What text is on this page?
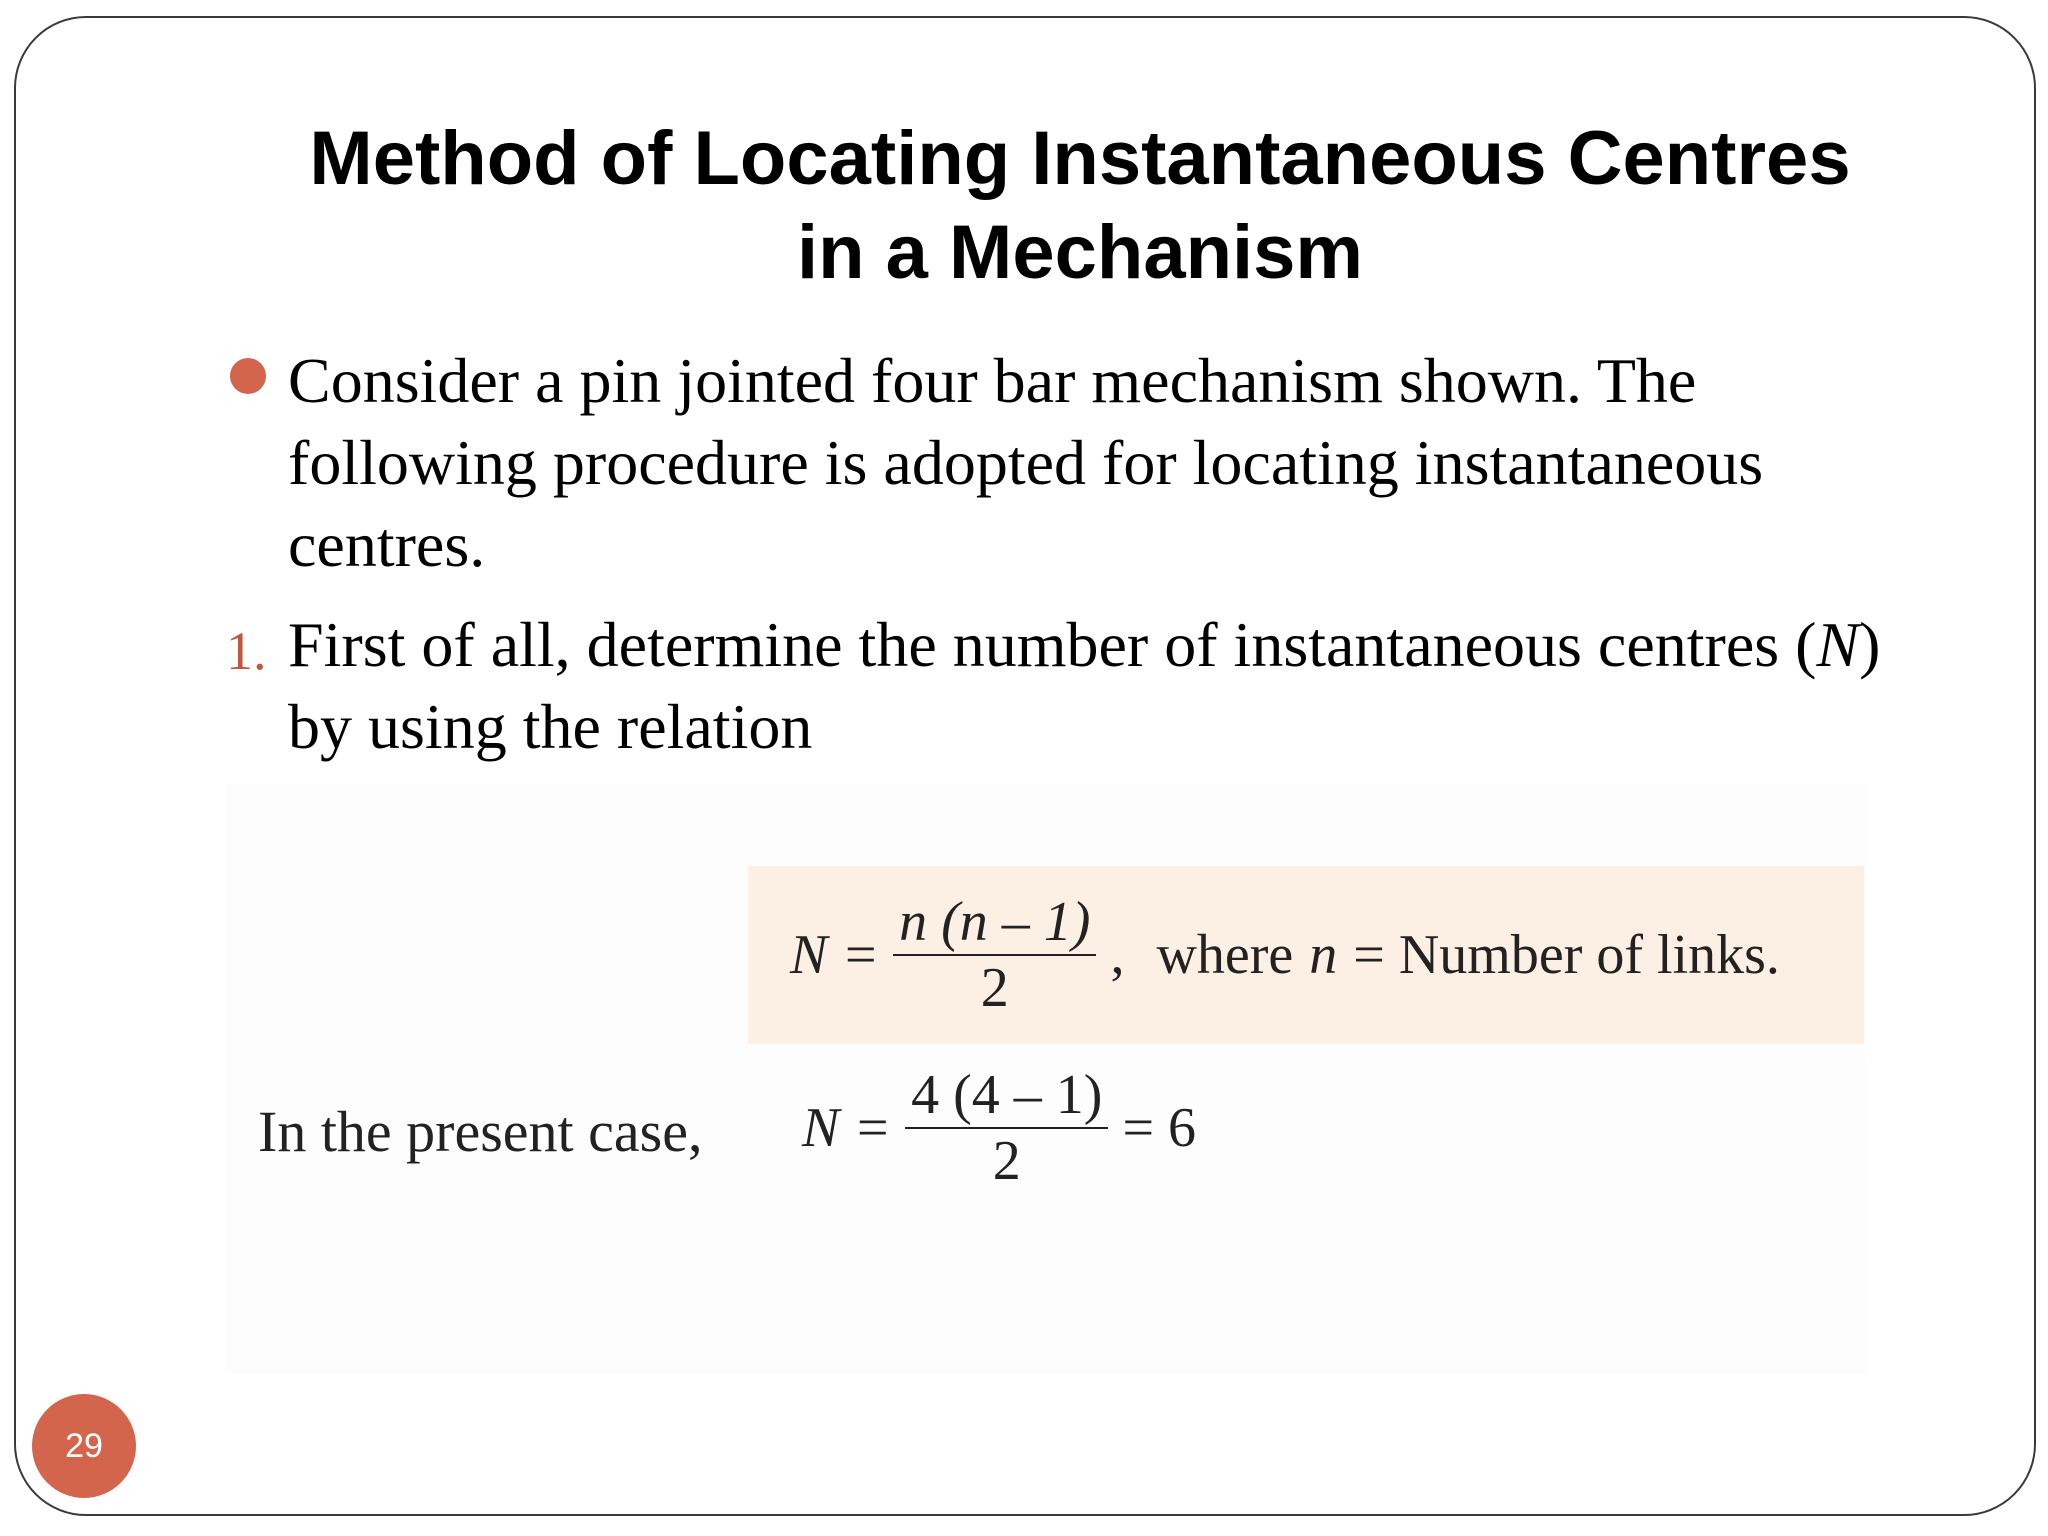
Method of Locating Instantaneous Centres
in a Mechanism
Consider a pin jointed four bar mechanism shown. The following procedure is adopted for locating instantaneous centres.
1. First of all, determine the number of instantaneous centres (N) by using the relation
$N = \frac{n (n - 1)}{2}$ , where n = Number of links.
In the present case, $N = \frac{4 (4 - 1)}{2} = 6$
29
